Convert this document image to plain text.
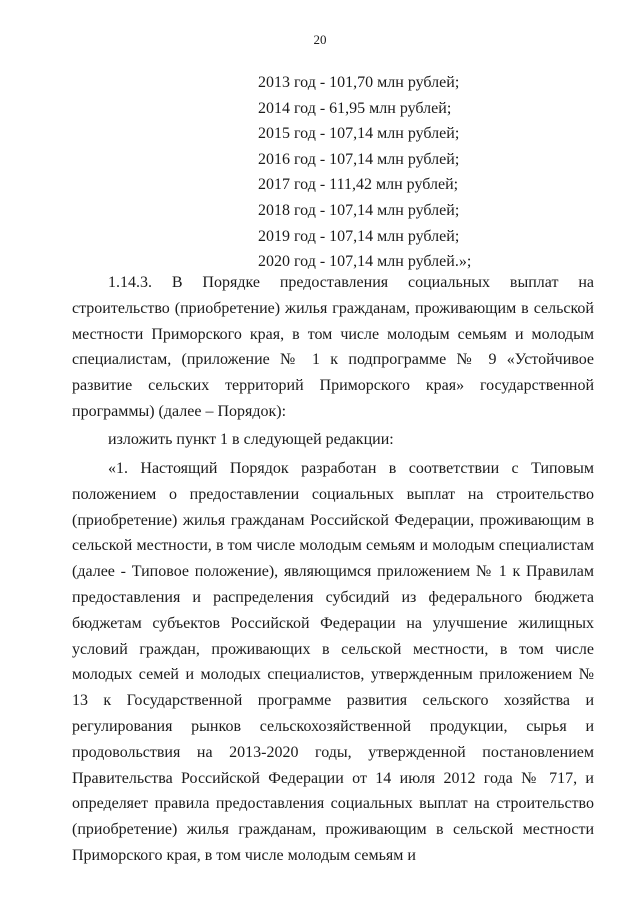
20
2013 год - 101,70 млн рублей;
2014 год - 61,95 млн рублей;
2015 год - 107,14 млн рублей;
2016 год - 107,14 млн рублей;
2017 год - 111,42 млн рублей;
2018 год - 107,14 млн рублей;
2019 год - 107,14 млн рублей;
2020 год - 107,14 млн рублей.»;

1.14.3. В Порядке предоставления социальных выплат на строительство (приобретение) жилья гражданам, проживающим в сельской местности Приморского края, в том числе молодым семьям и молодым специалистам, (приложение № 1 к подпрограмме № 9 «Устойчивое развитие сельских территорий Приморского края» государственной программы) (далее – Порядок):

изложить пункт 1 в следующей редакции:

«1. Настоящий Порядок разработан в соответствии с Типовым положением о предоставлении социальных выплат на строительство (приобретение) жилья гражданам Российской Федерации, проживающим в сельской местности, в том числе молодым семьям и молодым специалистам (далее - Типовое положение), являющимся приложением № 1 к Правилам предоставления и распределения субсидий из федерального бюджета бюджетам субъектов Российской Федерации на улучшение жилищных условий граждан, проживающих в сельской местности, в том числе молодых семей и молодых специалистов, утвержденным приложением № 13 к Государственной программе развития сельского хозяйства и регулирования рынков сельскохозяйственной продукции, сырья и продовольствия на 2013-2020 годы, утвержденной постановлением Правительства Российской Федерации от 14 июля 2012 года № 717, и определяет правила предоставления социальных выплат на строительство (приобретение) жилья гражданам, проживающим в сельской местности Приморского края, в том числе молодым семьям и
